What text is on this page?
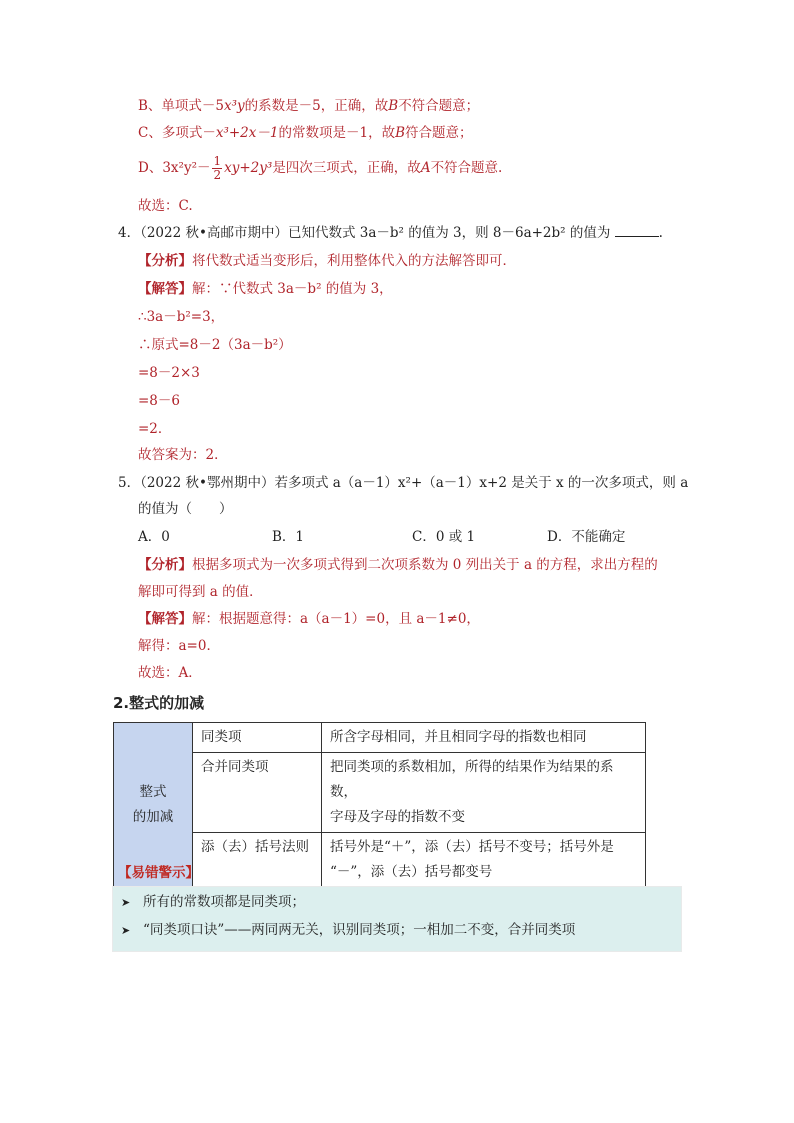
B、单项式－5x³y的系数是－5，正确，故B不符合题意；
C、多项式－x³+2x－1的常数项是－1，故B符合题意；
D、$3x^2y^2- \frac{1}{2} xy+2y^3$是四次三项式，正确，故A不符合题意.
故选：C.
4．（2022 秋•高邮市期中）已知代数式 3a－b² 的值为 3，则 8－6a+2b² 的值为	.
【分析】将代数式适当变形后，利用整体代入的方法解答即可．
【解答】解：∵代数式 3a－b² 的值为 3，
∴3a－b²=3，
∴原式=8－2（3a－b²）
=8－2×3
=8－6
=2．
故答案为：2．
5．（2022 秋•鄂州期中）若多项式 a（a－1）x²+（a－1）x+2 是关于 x 的一次多项式，则 a
的值为（　　）
A．0	B．1	C．0 或 1	D．不能确定
【分析】根据多项式为一次多项式得到二次项系数为 0 列出关于 a 的方程，求出方程的
解即可得到 a 的值．
【解答】解：根据题意得：a（a－1）=0，且 a－1≠0，
解得：a=0．
故选：A．
2.整式的加减
整式
的加减	同类项	所含字母相同，并且相同字母的指数也相同
	合并同类项	把同类项的系数相加，所得的结果作为结果的系数，
字母及字母的指数不变
	添（去）括号法则	括号外是“＋”，添（去）括号不变号；括号外是
“－”，添（去）括号都变号
【易错警示】
➤ 所有的常数项都是同类项；
➤ “同类项口诀”——两同两无关，识别同类项；一相加二不变，合并同类项
